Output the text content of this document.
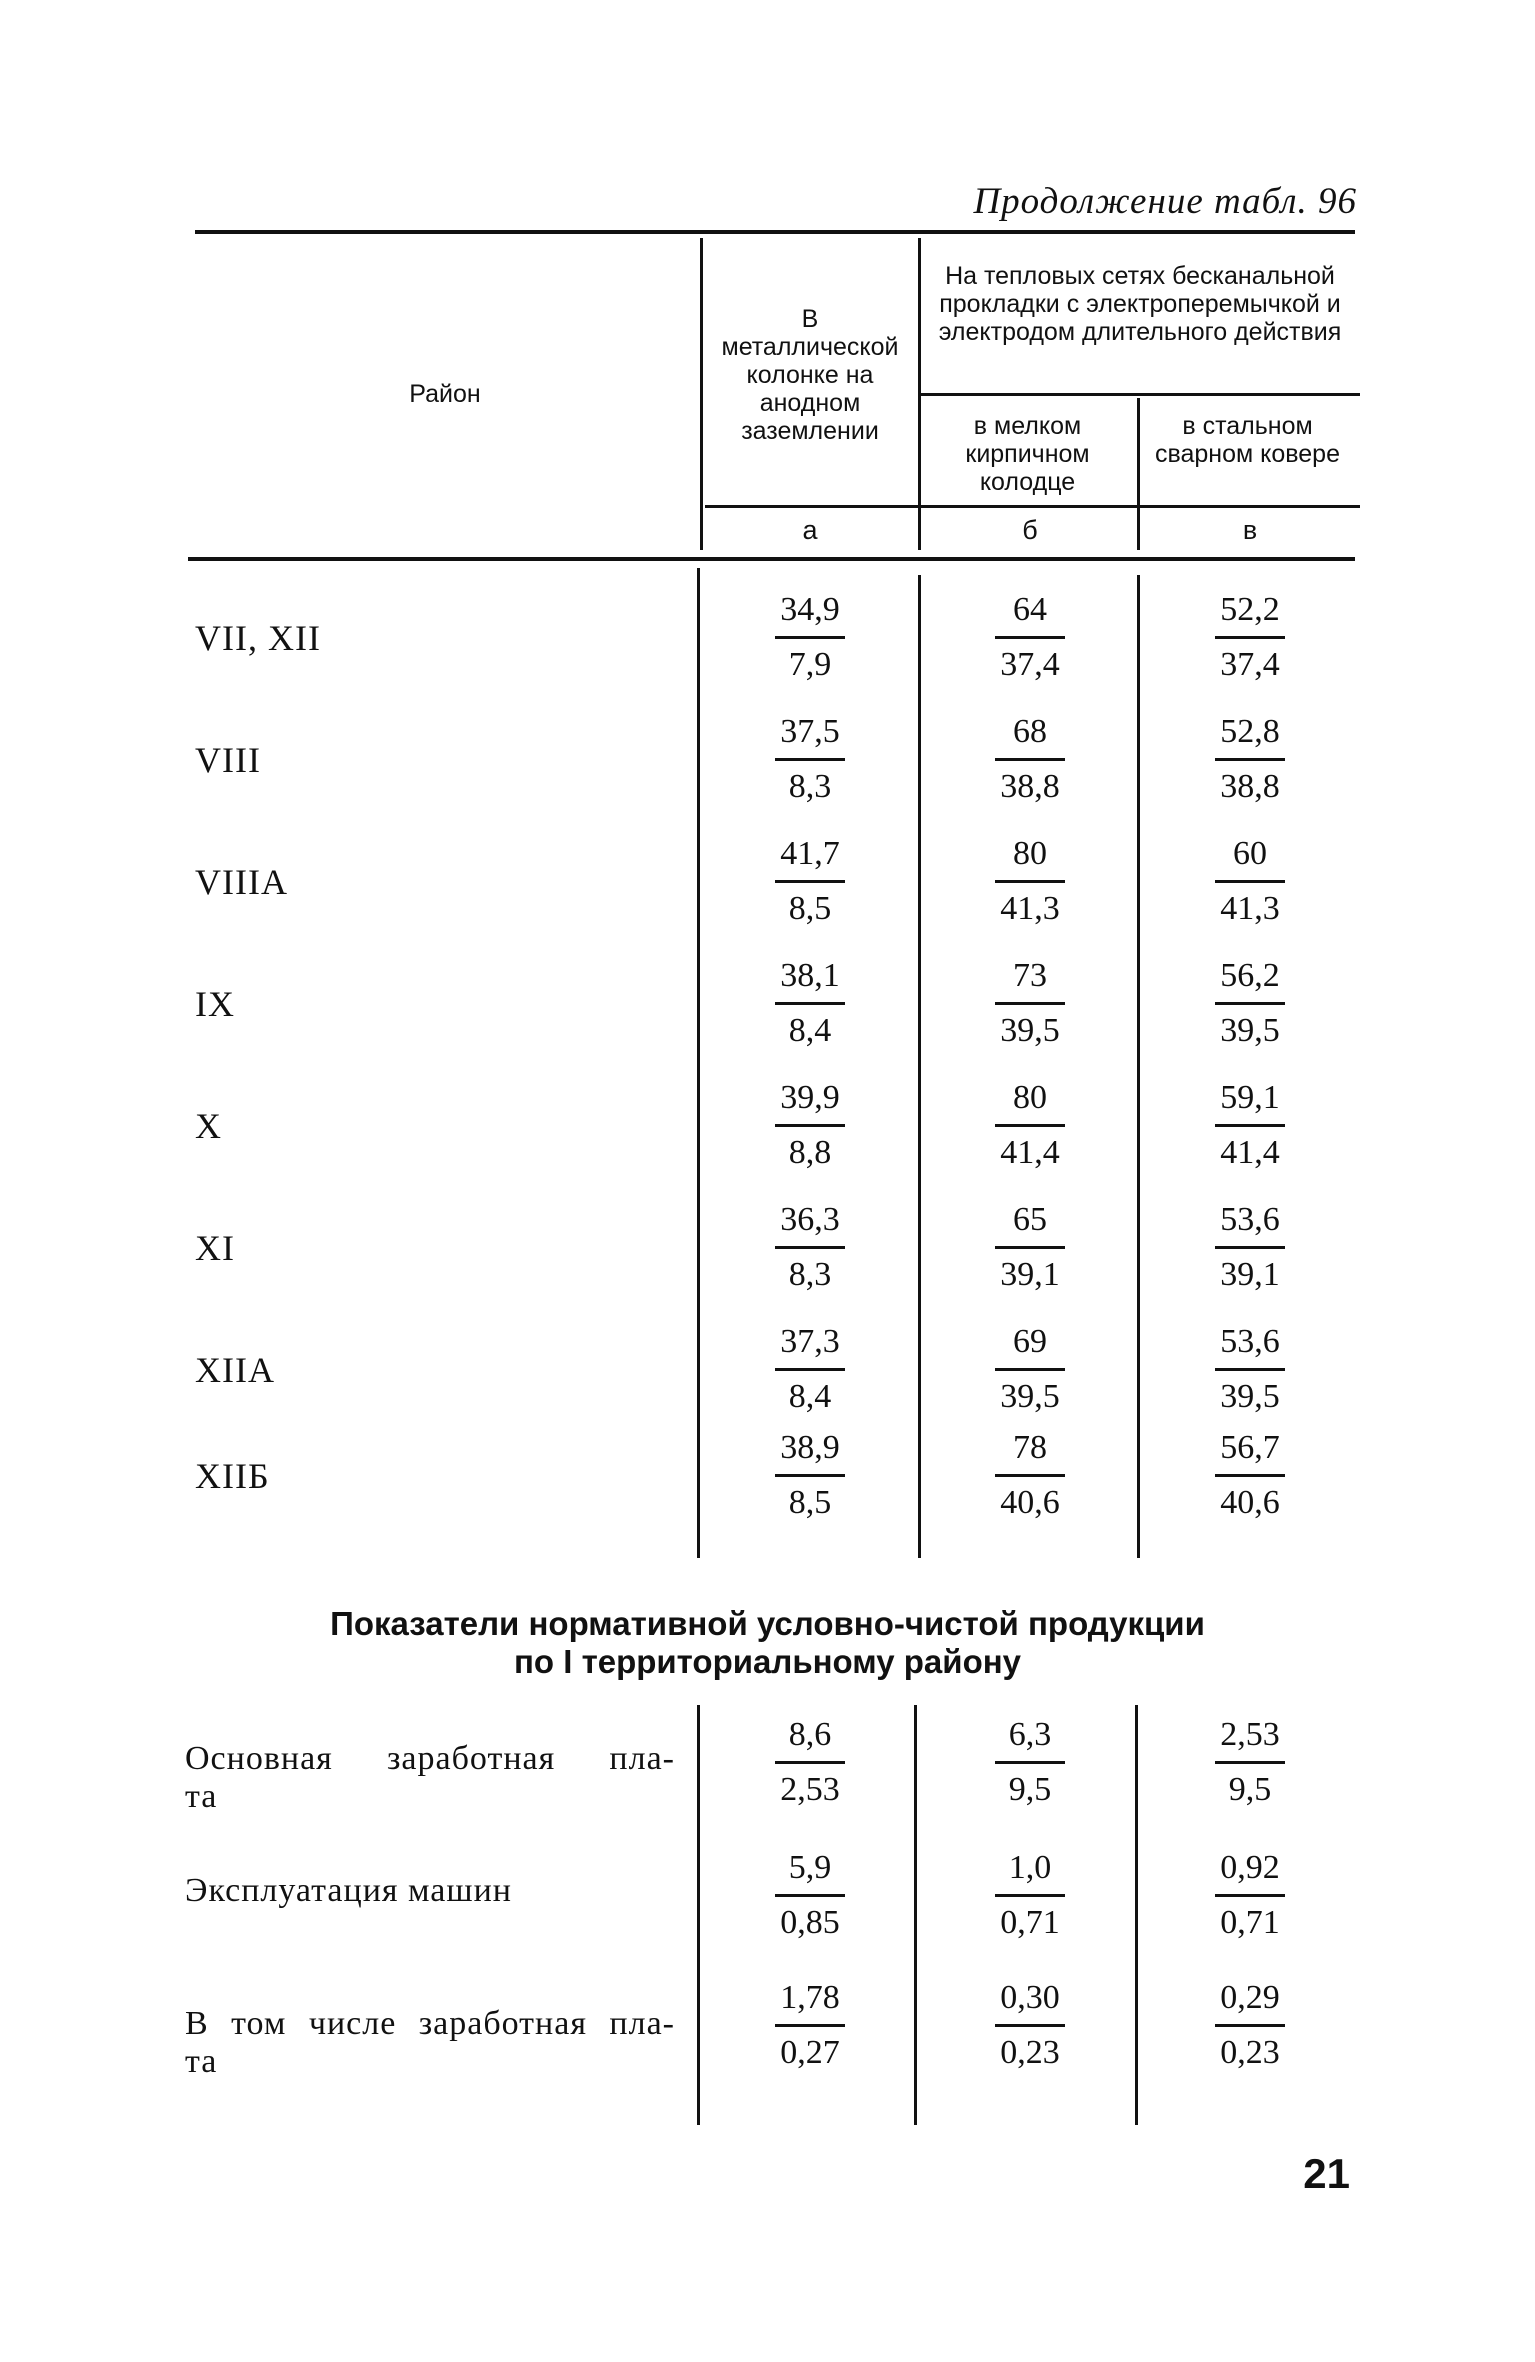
Продолжение табл. 96
Район
В металлической колонке на анодном заземлении
На тепловых сетях бесканальной прокладки с электроперемычкой и электродом длительного действия
в мелком кирпичном колодце
в стальном сварном ковере
а	б	в
VII, XII
34,9
7,9
64
37,4
52,2
37,4
VIII
37,5
8,3
68
38,8
52,8
38,8
VIIIА
41,7
8,5
80
41,3
60
41,3
IX
38,1
8,4
73
39,5
56,2
39,5
X
39,9
8,8
80
41,4
59,1
41,4
XI
36,3
8,3
65
39,1
53,6
39,1
XIIА
37,3
8,4
69
39,5
53,6
39,5
XIIБ
38,9
8,5
78
40,6
56,7
40,6
Показатели нормативной условно-чистой продукции
по I территориальному району
Основная заработная пла-
та
8,6
2,53
6,3
9,5
2,53
9,5
Эксплуатация машин
5,9
0,85
1,0
0,71
0,92
0,71
В том числе заработная пла-
та
1,78
0,27
0,30
0,23
0,29
0,23
21
